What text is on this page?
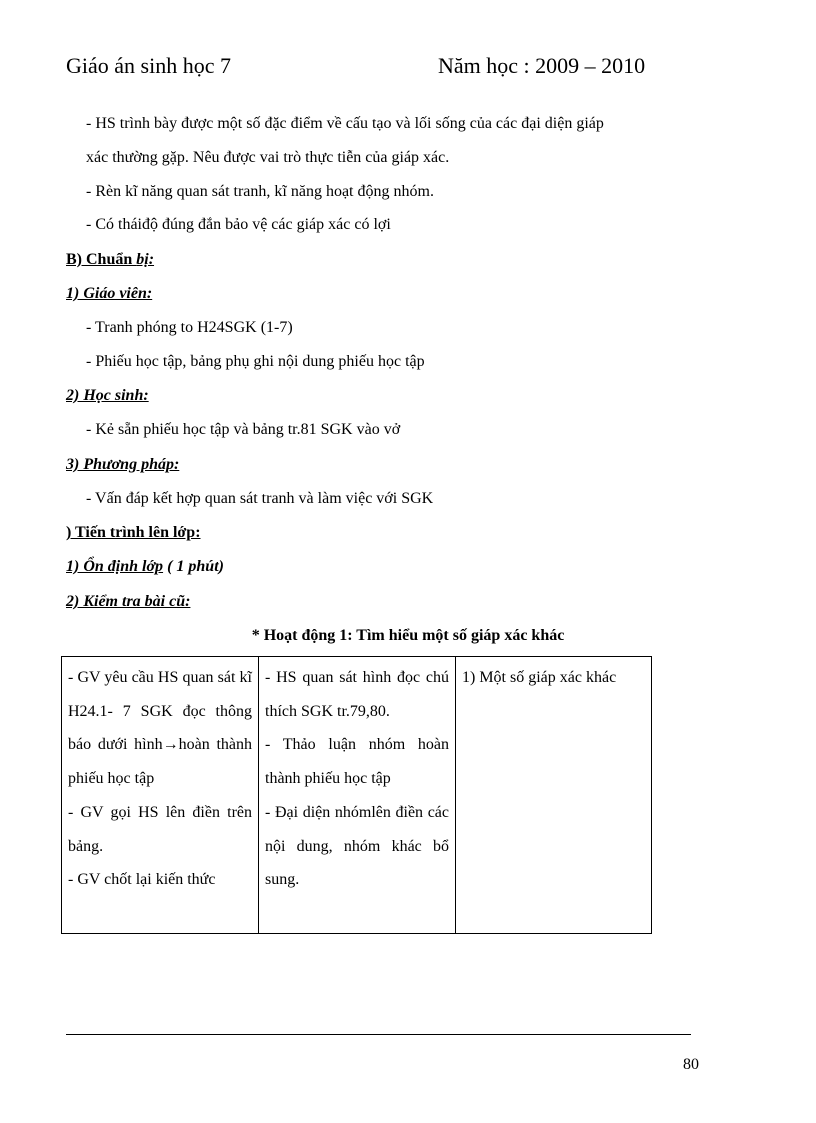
Giáo án sinh học 7	Năm học : 2009 – 2010
- HS trình bày được một số đặc điểm về cấu tạo và lối sống của các đại diện giáp
xác thường gặp. Nêu được vai trò thực tiễn của giáp xác.
- Rèn kĩ năng quan sát tranh, kĩ năng hoạt động nhóm.
- Có tháiđộ đúng đắn bảo vệ các giáp xác có lợi
B) Chuẩn bị:
1) Giáo viên:
- Tranh phóng to H24SGK (1-7)
- Phiếu học tập, bảng phụ ghi nội dung phiếu học tập
2) Học sinh:
- Kẻ sẵn phiếu học tập và bảng tr.81 SGK vào vở
3) Phương pháp:
- Vấn đáp kết hợp quan sát tranh và làm việc với SGK
) Tiến trình lên lớp:
1) Ổn định lớp ( 1 phút)
2) Kiểm tra bài cũ:
* Hoạt động 1: Tìm hiểu một số giáp xác khác
- GV yêu cầu HS quan sát kĩ H24.1- 7 SGK đọc thông báo dưới hình→hoàn thành phiếu học tập
- GV gọi HS lên điền trên bảng.
- GV chốt lại kiến thức

- HS quan sát hình đọc chú thích SGK tr.79,80.
- Thảo luận nhóm hoàn thành phiếu học tập
- Đại diện nhómlên điền các nội dung, nhóm khác bổ sung.

1) Một số giáp xác khác
80
